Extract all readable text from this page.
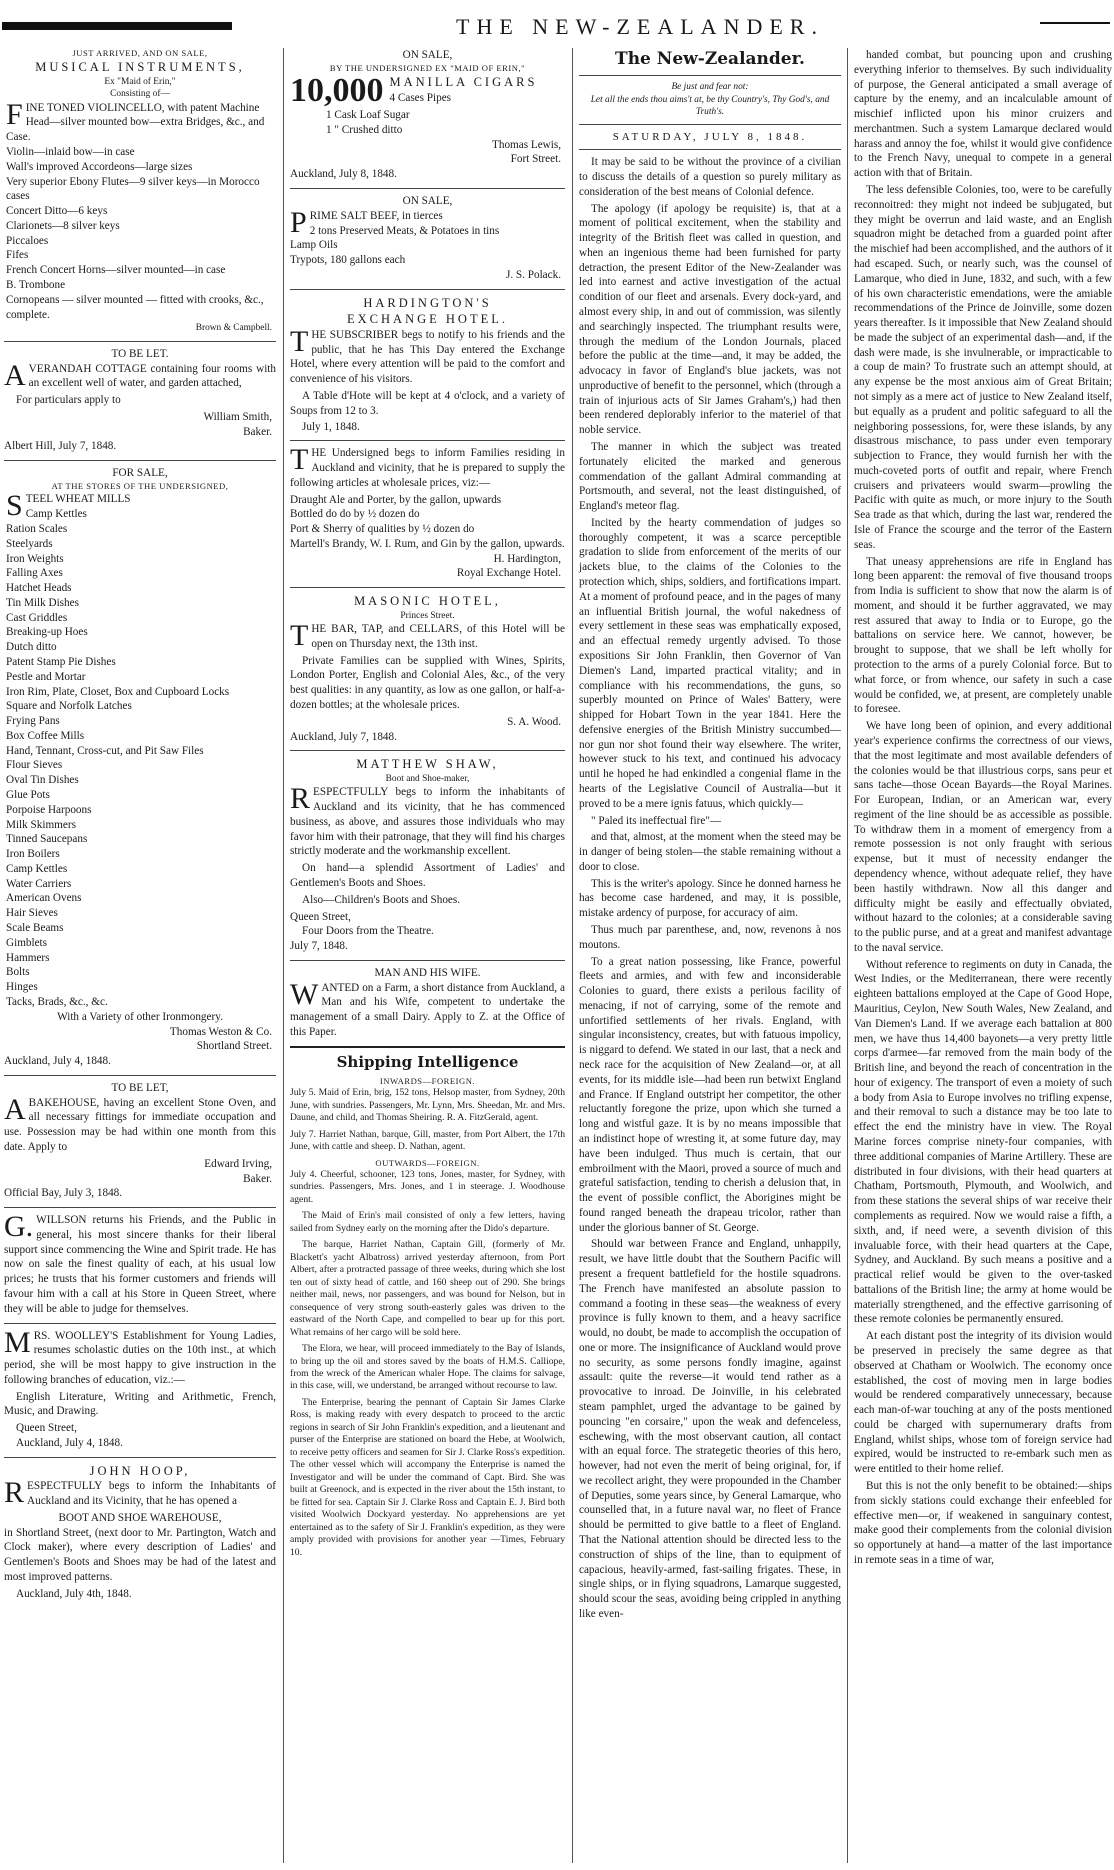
THE NEW-ZEALANDER.
JUST ARRIVED, AND ON SALE,
MUSICAL INSTRUMENTS,
Ex "Maid of Erin,"
Consisting of—
FINE TONED VIOLINCELLO, with patent Machine Head—silver mounted bow—extra Bridges, &c., and Case.
Violin—inlaid bow—in case
Wall's improved Accordeons—large sizes
Very superior Ebony Flutes—9 silver keys—in Morocco cases
Concert Ditto—6 keys
Clarionets—8 silver keys
Piccaloes
Fifes
French Concert Horns—silver mounted—in case
B. Trombone
Cornopeans — silver mounted — fitted with crooks, &c., complete.
Brown & Campbell.
TO BE LET.

AVERANDAH COTTAGE containing four rooms with an excellent well of water, and garden attached,

For particulars apply to

William Smith,
Baker.
Albert Hill, July 7, 1848.
FOR SALE,
AT THE STORES OF THE UNDERSIGNED,
STEEL WHEAT MILLS
Camp Kettles
Ration Scales
Steelyards
Iron Weights
Falling Axes
Hatchet Heads
Tin Milk Dishes
Cast Griddles
Breaking-up Hoes
Dutch ditto
Patent Stamp Pie Dishes
Pestle and Mortar
Iron Rim, Plate, Closet, Box and Cupboard Locks
Square and Norfolk Latches
Frying Pans
Box Coffee Mills
Hand, Tennant, Cross-cut, and Pit Saw Files
Flour Sieves
Oval Tin Dishes
Glue Pots
Porpoise Harpoons
Milk Skimmers
Tinned Saucepans
Iron Boilers
Camp Kettles
Water Carriers
American Ovens
Hair Sieves
Scale Beams
Gimblets
Hammers
Bolts
Hinges
Tacks, Brads, &c., &c.
With a Variety of other Ironmongery.
Thomas Weston & Co.
Shortland Street.
Auckland, July 4, 1848.
TO BE LET,

ABAKEHOUSE, having an excellent Stone Oven, and all necessary fittings for immediate occupation and use. Possession may be had within one month from this date. Apply to

Edward Irving,
Baker.
Official Bay, July 3, 1848.

G.WILLSON returns his Friends, and the Public in general, his most sincere thanks for their liberal support since commencing the Wine and Spirit trade. He has now on sale the finest quality of each, at his usual low prices; he trusts that his former customers and friends will favour him with a call at his Store in Queen Street, where they will be able to judge for themselves.

MRS. WOOLLEY'S Establishment for Young Ladies, resumes scholastic duties on the 10th inst., at which period, she will be most happy to give instruction in the following branches of education, viz.:—

English Literature, Writing and Arithmetic, French, Music, and Drawing.

Queen Street,
Auckland, July 4, 1848.
JOHN HOOP,

RESPECTFULLY begs to inform the Inhabitants of Auckland and its Vicinity, that he has opened a

BOOT AND SHOE WAREHOUSE,

in Shortland Street, (next door to Mr. Partington, Watch and Clock maker), where every description of Ladies' and Gentlemen's Boots and Shoes may be had of the latest and most improved patterns.

Auckland, July 4th, 1848.
ON SALE,
BY THE UNDERSIGNED EX "MAID OF ERIN,"
10,000 MANILLA CIGARS
4 Cases Pipes
1 Cask Loaf Sugar
1 " Crushed ditto
Thomas Lewis,
Fort Street.
Auckland, July 8, 1848.
ON SALE,
PRIME SALT BEEF, in tierces
2 tons Preserved Meats, & Potatoes in tins
Lamp Oils
Trypots, 180 gallons each
J. S. Polack.
HARDINGTON'S
EXCHANGE HOTEL.

THE SUBSCRIBER begs to notify to his friends and the public, that he has This Day entered the Exchange Hotel, where every attention will be paid to the comfort and convenience of his visitors.

A Table d'Hote will be kept at 4 o'clock, and a variety of Soups from 12 to 3.

July 1, 1848.

THE Undersigned begs to inform Families residing in Auckland and vicinity, that he is prepared to supply the following articles at wholesale prices, viz:—

Draught Ale and Porter, by the gallon, upwards
Bottled do do by ½ dozen do
Port & Sherry of qualities by ½ dozen do
Martell's Brandy, W. I. Rum, and Gin by the gallon, upwards.
H. Hardington,
Royal Exchange Hotel.
MASONIC HOTEL,
Princes Street.

THE BAR, TAP, and CELLARS, of this Hotel will be open on Thursday next, the 13th inst.

Private Families can be supplied with Wines, Spirits, London Porter, English and Colonial Ales, &c., of the very best qualities: in any quantity, as low as one gallon, or half-a-dozen bottles; at the wholesale prices.

S. A. Wood.
Auckland, July 7, 1848.
MATTHEW SHAW,
Boot and Shoe-maker,

RESPECTFULLY begs to inform the inhabitants of Auckland and its vicinity, that he has commenced business, as above, and assures those individuals who may favor him with their patronage, that they will find his charges strictly moderate and the workmanship excellent.

On hand—a splendid Assortment of Ladies' and Gentlemen's Boots and Shoes.

Also—Children's Boots and Shoes.

Queen Street,
Four Doors from the Theatre.
July 7, 1848.
MAN AND HIS WIFE.

WANTED on a Farm, a short distance from Auckland, a Man and his Wife, competent to undertake the management of a small Dairy. Apply to Z. at the Office of this Paper.

Shipping Intelligence
INWARDS—FOREIGN.

July 5. Maid of Erin, brig, 152 tons, Helsop master, from Sydney, 20th June, with sundries. Passengers, Mr. Lynn, Mrs. Sheedan, Mr. and Mrs. Daune, and child, and Thomas Sheiring. R. A. FitzGerald, agent.

July 7. Harriet Nathan, barque, Gill, master, from Port Albert, the 17th June, with cattle and sheep. D. Nathan, agent.

OUTWARDS—FOREIGN.

July 4. Cheerful, schooner, 123 tons, Jones, master, for Sydney, with sundries. Passengers, Mrs. Jones, and 1 in steerage. J. Woodhouse agent.

The Maid of Erin's mail consisted of only a few letters, having sailed from Sydney early on the morning after the Dido's departure.

The barque, Harriet Nathan, Captain Gill, (formerly of Mr. Blackett's yacht Albatross) arrived yesterday afternoon, from Port Albert, after a protracted passage of three weeks, during which she lost ten out of sixty head of cattle, and 160 sheep out of 290. She brings neither mail, news, nor passengers, and was bound for Nelson, but in consequence of very strong south-easterly gales was driven to the eastward of the North Cape, and compelled to bear up for this port. What remains of her cargo will be sold here.

The Elora, we hear, will proceed immediately to the Bay of Islands, to bring up the oil and stores saved by the boats of H.M.S. Calliope, from the wreck of the American whaler Hope. The claims for salvage, in this case, will, we understand, be arranged without recourse to law.

The Enterprise, bearing the pennant of Captain Sir James Clarke Ross, is making ready with every despatch to proceed to the arctic regions in search of Sir John Franklin's expedition, and a lieutenant and purser of the Enterprise are stationed on board the Hebe, at Woolwich, to receive petty officers and seamen for Sir J. Clarke Ross's expedition. The other vessel which will accompany the Enterprise is named the Investigator and will be under the command of Capt. Bird. She was built at Greenock, and is expected in the river about the 15th instant, to be fitted for sea. Captain Sir J. Clarke Ross and Captain E. J. Bird both visited Woolwich Dockyard yesterday. No apprehensions are yet entertained as to the safety of Sir J. Franklin's expedition, as they were amply provided with provisions for another year —Times, February 10.

The New-Zealander.
Be just and fear not:
Let all the ends thou aims't at, be thy Country's, Thy God's, and Truth's.
SATURDAY, JULY 8, 1848.

It may be said to be without the province of a civilian to discuss the details of a question so purely military as consideration of the best means of Colonial defence.

The apology (if apology be requisite) is, that at a moment of political excitement, when the stability and integrity of the British fleet was called in question, and when an ingenious theme had been furnished for party detraction, the present Editor of the New-Zealander was led into earnest and active investigation of the actual condition of our fleet and arsenals. Every dock-yard, and almost every ship, in and out of commission, was silently and searchingly inspected. The triumphant results were, through the medium of the London Journals, placed before the public at the time—and, it may be added, the advocacy in favor of England's blue jackets, was not unproductive of benefit to the personnel, which (through a train of injurious acts of Sir James Graham's,) had then been rendered deplorably inferior to the materiel of that noble service.

The manner in which the subject was treated fortunately elicited the marked and generous commendation of the gallant Admiral commanding at Portsmouth, and several, not the least distinguished, of England's meteor flag.

Incited by the hearty commendation of judges so thoroughly competent, it was a scarce perceptible gradation to slide from enforcement of the merits of our jackets blue, to the claims of the Colonies to the protection which, ships, soldiers, and fortifications impart. At a moment of profound peace, and in the pages of many an influential British journal, the woful nakedness of every settlement in these seas was emphatically exposed, and an effectual remedy urgently advised. To those expositions Sir John Franklin, then Governor of Van Diemen's Land, imparted practical vitality; and in compliance with his recommendations, the guns, so superbly mounted on Prince of Wales' Battery, were shipped for Hobart Town in the year 1841. Here the defensive energies of the British Ministry succumbed—nor gun nor shot found their way elsewhere. The writer, however stuck to his text, and continued his advocacy until he hoped he had enkindled a congenial flame in the hearts of the Legislative Council of Australia—but it proved to be a mere ignis fatuus, which quickly—

" Paled its ineffectual fire"—

and that, almost, at the moment when the steed may be in danger of being stolen—the stable remaining without a door to close.

This is the writer's apology. Since he donned harness he has become case hardened, and may, it is possible, mistake ardency of purpose, for accuracy of aim.

Thus much par parenthese, and, now, revenons à nos moutons.

To a great nation possessing, like France, powerful fleets and armies, and with few and inconsiderable Colonies to guard, there exists a perilous facility of menacing, if not of carrying, some of the remote and unfortified settlements of her rivals. England, with singular inconsistency, creates, but with fatuous impolicy, is niggard to defend. We stated in our last, that a neck and neck race for the acquisition of New Zealand—or, at all events, for its middle isle—had been run betwixt England and France. If England outstript her competitor, the other reluctantly foregone the prize, upon which she turned a long and wistful gaze. It is by no means impossible that an indistinct hope of wresting it, at some future day, may have been indulged. Thus much is certain, that our embroilment with the Maori, proved a source of much and grateful satisfaction, tending to cherish a delusion that, in the event of possible conflict, the Aborigines might be found ranged beneath the drapeau tricolor, rather than under the glorious banner of St. George.

Should war between France and England, unhappily, result, we have little doubt that the Southern Pacific will present a frequent battlefield for the hostile squadrons. The French have manifested an absolute passion to command a footing in these seas—the weakness of every province is fully known to them, and a heavy sacrifice would, no doubt, be made to accomplish the occupation of one or more. The insignificance of Auckland would prove no security, as some persons fondly imagine, against assault: quite the reverse—it would tend rather as a provocative to inroad. De Joinville, in his celebrated steam pamphlet, urged the advantage to be gained by pouncing "en corsaire," upon the weak and defenceless, eschewing, with the most observant caution, all contact with an equal force. The strategetic theories of this hero, however, had not even the merit of being original, for, if we recollect aright, they were propounded in the Chamber of Deputies, some years since, by General Lamarque, who counselled that, in a future naval war, no fleet of France should be permitted to give battle to a fleet of England. That the National attention should be directed less to the construction of ships of the line, than to equipment of capacious, heavily-armed, fast-sailing frigates. These, in single ships, or in flying squadrons, Lamarque suggested, should scour the seas, avoiding being crippled in anything like even-

handed combat, but pouncing upon and crushing everything inferior to themselves. By such individuality of purpose, the General anticipated a small average of capture by the enemy, and an incalculable amount of mischief inflicted upon his minor cruizers and merchantmen. Such a system Lamarque declared would harass and annoy the foe, whilst it would give confidence to the French Navy, unequal to compete in a general action with that of Britain.

The less defensible Colonies, too, were to be carefully reconnoitred: they might not indeed be subjugated, but they might be overrun and laid waste, and an English squadron might be detached from a guarded point after the mischief had been accomplished, and the authors of it had escaped. Such, or nearly such, was the counsel of Lamarque, who died in June, 1832, and such, with a few of his own characteristic emendations, were the amiable recommendations of the Prince de Joinville, some dozen years thereafter. Is it impossible that New Zealand should be made the subject of an experimental dash—and, if the dash were made, is she invulnerable, or impracticable to a coup de main? To frustrate such an attempt should, at any expense be the most anxious aim of Great Britain; not simply as a mere act of justice to New Zealand itself, but equally as a prudent and politic safeguard to all the neighboring possessions, for, were these islands, by any disastrous mischance, to pass under even temporary subjection to France, they would furnish her with the much-coveted ports of outfit and repair, where French cruisers and privateers would swarm—prowling the Pacific with quite as much, or more injury to the South Sea trade as that which, during the last war, rendered the Isle of France the scourge and the terror of the Eastern seas.

That uneasy apprehensions are rife in England has long been apparent: the removal of five thousand troops from India is sufficient to show that now the alarm is of moment, and should it be further aggravated, we may rest assured that away to India or to Europe, go the battalions on service here. We cannot, however, be brought to suppose, that we shall be left wholly for protection to the arms of a purely Colonial force. But to what force, or from whence, our safety in such a case would be confided, we, at present, are completely unable to foresee.

We have long been of opinion, and every additional year's experience confirms the correctness of our views, that the most legitimate and most available defenders of the colonies would be that illustrious corps, sans peur et sans tache—those Ocean Bayards—the Royal Marines. For European, Indian, or an American war, every regiment of the line should be as accessible as possible. To withdraw them in a moment of emergency from a remote possession is not only fraught with serious expense, but it must of necessity endanger the dependency whence, without adequate relief, they have been hastily withdrawn. Now all this danger and difficulty might be easily and effectually obviated, without hazard to the colonies; at a considerable saving to the public purse, and at a great and manifest advantage to the naval service.

Without reference to regiments on duty in Canada, the West Indies, or the Mediterranean, there were recently eighteen battalions employed at the Cape of Good Hope, Mauritius, Ceylon, New South Wales, New Zealand, and Van Diemen's Land. If we average each battalion at 800 men, we have thus 14,400 bayonets—a very pretty little corps d'armee—far removed from the main body of the British line, and beyond the reach of concentration in the hour of exigency. The transport of even a moiety of such a body from Asia to Europe involves no trifling expense, and their removal to such a distance may be too late to effect the end the ministry have in view. The Royal Marine forces comprise ninety-four companies, with three additional companies of Marine Artillery. These are distributed in four divisions, with their head quarters at Chatham, Portsmouth, Plymouth, and Woolwich, and from these stations the several ships of war receive their complements as required. Now we would raise a fifth, a sixth, and, if need were, a seventh division of this invaluable force, with their head quarters at the Cape, Sydney, and Auckland. By such means a positive and a practical relief would be given to the over-tasked battalions of the British line; the army at home would be materially strengthened, and the effective garrisoning of these remote colonies be permanently ensured.

At each distant post the integrity of its division would be preserved in precisely the same degree as that observed at Chatham or Woolwich. The economy once established, the cost of moving men in large bodies would be rendered comparatively unnecessary, because each man-of-war touching at any of the posts mentioned could be charged with supernumerary drafts from England, whilst ships, whose tom of foreign service had expired, would be instructed to re-embark such men as were entitled to their home relief.

But this is not the only benefit to be obtained:—ships from sickly stations could exchange their enfeebled for effective men—or, if weakened in sanguinary contest, make good their complements from the colonial division so opportunely at hand—a matter of the last importance in remote seas in a time of war,
